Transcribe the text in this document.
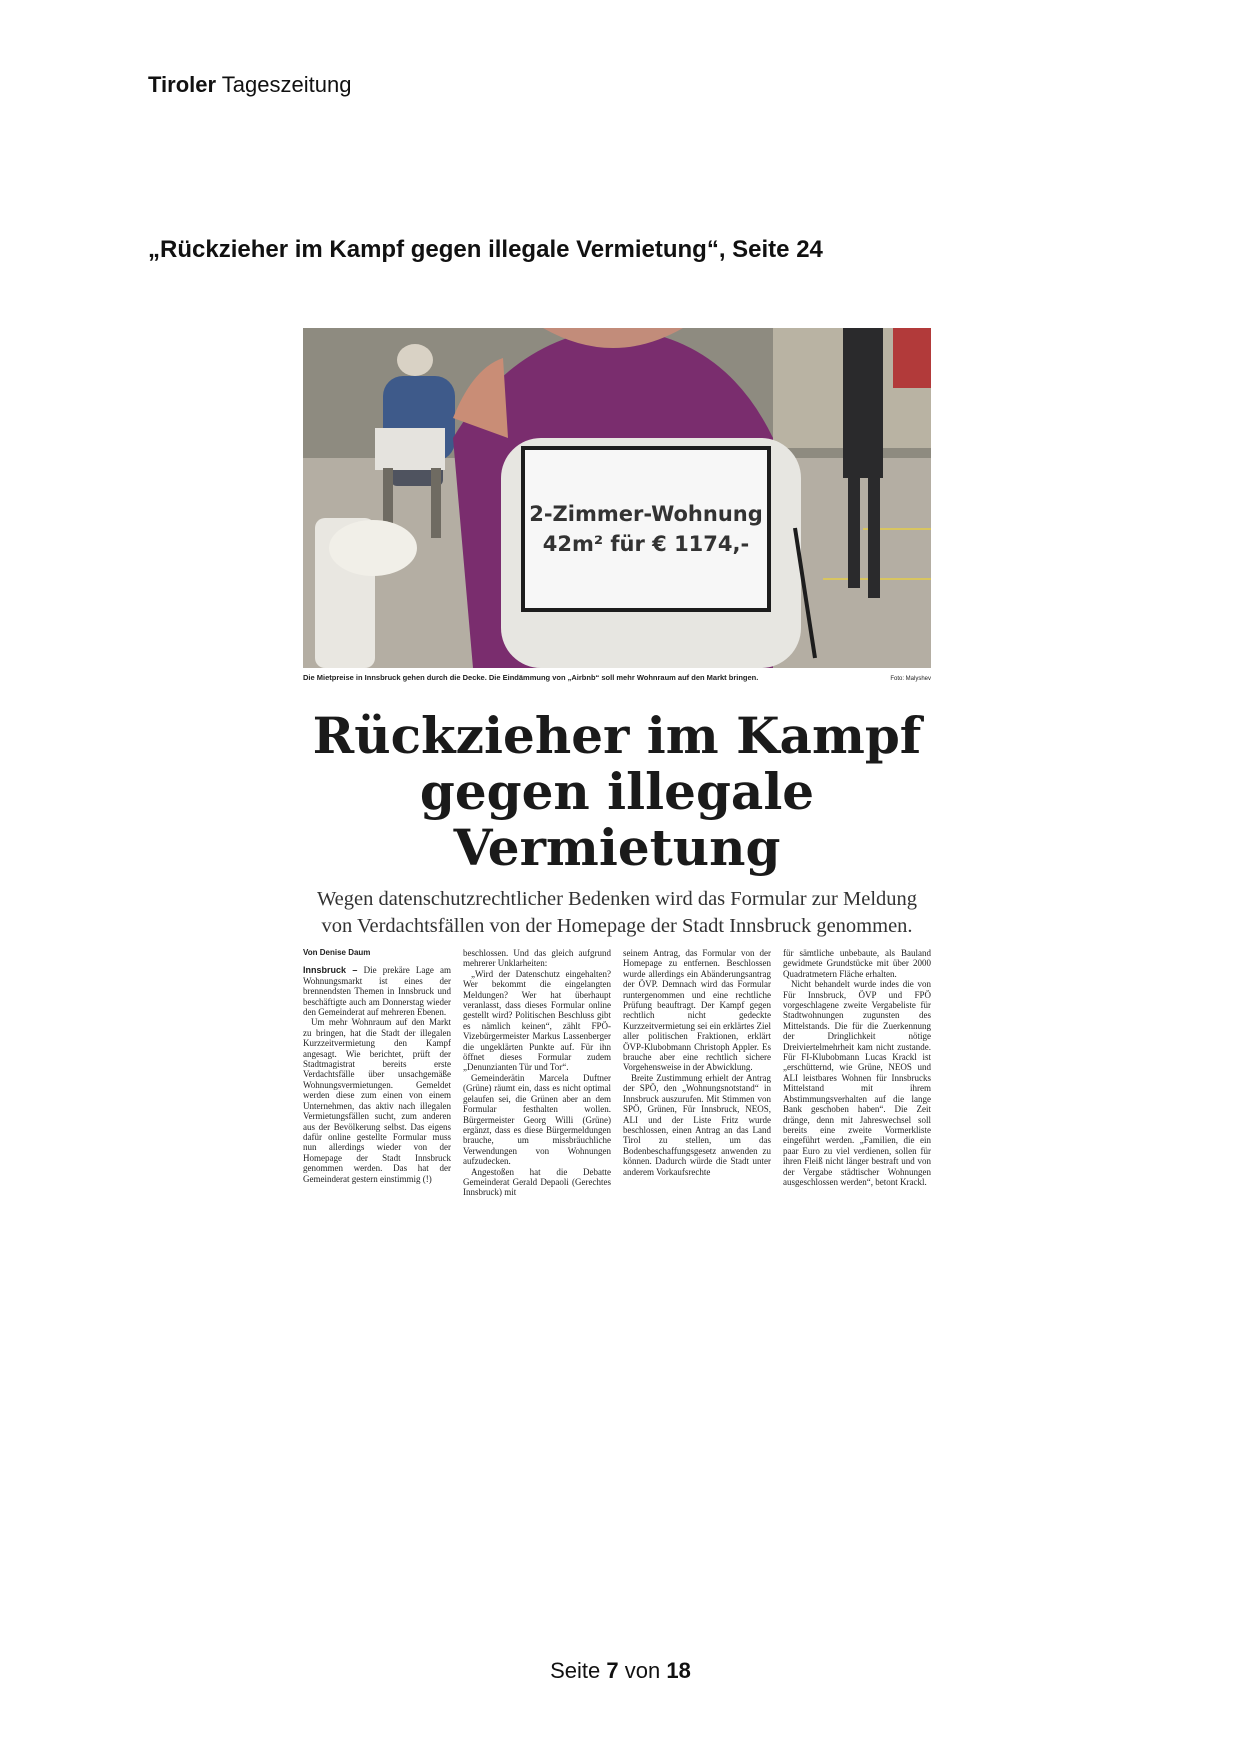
Tiroler Tageszeitung
„Rückzieher im Kampf gegen illegale Vermietung“, Seite 24
2-Zimmer-Wohnung
42m² für € 1174,-
Die Mietpreise in Innsbruck gehen durch die Decke. Die Eindämmung von „Airbnb“ soll mehr Wohnraum auf den Markt bringen.	Foto: Malyshev
Rückzieher im Kampf
gegen illegale Vermietung
Wegen datenschutzrechtlicher Bedenken wird das Formular zur Meldung
von Verdachtsfällen von der Homepage der Stadt Innsbruck genommen.
Von Denise Daum

Innsbruck – Die prekäre Lage am Wohnungsmarkt ist eines der brennendsten Themen in Innsbruck und beschäftigte auch am Donnerstag wieder den Gemeinderat auf mehreren Ebenen.

Um mehr Wohnraum auf den Markt zu bringen, hat die Stadt der illegalen Kurzzeitvermietung den Kampf angesagt. Wie berichtet, prüft der Stadtmagistrat bereits erste Verdachtsfälle über unsachgemäße Wohnungsvermietungen. Gemeldet werden diese zum einen von einem Unternehmen, das aktiv nach illegalen Vermietungsfällen sucht, zum anderen aus der Bevölkerung selbst. Das eigens dafür online gestellte Formular muss nun allerdings wieder von der Homepage der Stadt Innsbruck genommen werden. Das hat der Gemeinderat gestern einstimmig (!)

beschlossen. Und das gleich aufgrund mehrerer Unklarheiten:

„Wird der Datenschutz eingehalten? Wer bekommt die eingelangten Meldungen? Wer hat überhaupt veranlasst, dass dieses Formular online gestellt wird? Politischen Beschluss gibt es nämlich keinen“, zählt FPÖ-Vizebürgermeister Markus Lassenberger die ungeklärten Punkte auf. Für ihn öffnet dieses Formular zudem „Denunzianten Tür und Tor“.

Gemeinderätin Marcela Duftner (Grüne) räumt ein, dass es nicht optimal gelaufen sei, die Grünen aber an dem Formular festhalten wollen. Bürgermeister Georg Willi (Grüne) ergänzt, dass es diese Bürgermeldungen brauche, um missbräuchliche Verwendungen von Wohnungen aufzudecken.

Angestoßen hat die Debatte Gemeinderat Gerald Depaoli (Gerechtes Innsbruck) mit

seinem Antrag, das Formular von der Homepage zu entfernen. Beschlossen wurde allerdings ein Abänderungsantrag der ÖVP. Demnach wird das Formular runtergenommen und eine rechtliche Prüfung beauftragt. Der Kampf gegen rechtlich nicht gedeckte Kurzzeitvermietung sei ein erklärtes Ziel aller politischen Fraktionen, erklärt ÖVP-Klubobmann Christoph Appler. Es brauche aber eine rechtlich sichere Vorgehensweise in der Abwicklung.

Breite Zustimmung erhielt der Antrag der SPÖ, den „Wohnungsnotstand“ in Innsbruck auszurufen. Mit Stimmen von SPÖ, Grünen, Für Innsbruck, NEOS, ALI und der Liste Fritz wurde beschlossen, einen Antrag an das Land Tirol zu stellen, um das Bodenbeschaffungsgesetz anwenden zu können. Dadurch würde die Stadt unter anderem Vorkaufsrechte

für sämtliche unbebaute, als Bauland gewidmete Grundstücke mit über 2000 Quadratmetern Fläche erhalten.

Nicht behandelt wurde indes die von Für Innsbruck, ÖVP und FPÖ vorgeschlagene zweite Vergabeliste für Stadtwohnungen zugunsten des Mittelstands. Die für die Zuerkennung der Dringlichkeit nötige Dreiviertelmehrheit kam nicht zustande. Für FI-Klubobmann Lucas Krackl ist „erschütternd, wie Grüne, NEOS und ALI leistbares Wohnen für Innsbrucks Mittelstand mit ihrem Abstimmungsverhalten auf die lange Bank geschoben haben“. Die Zeit dränge, denn mit Jahreswechsel soll bereits eine zweite Vormerkliste eingeführt werden. „Familien, die ein paar Euro zu viel verdienen, sollen für ihren Fleiß nicht länger bestraft und von der Vergabe städtischer Wohnungen ausgeschlossen werden“, betont Krackl.

Seite 7 von 18
